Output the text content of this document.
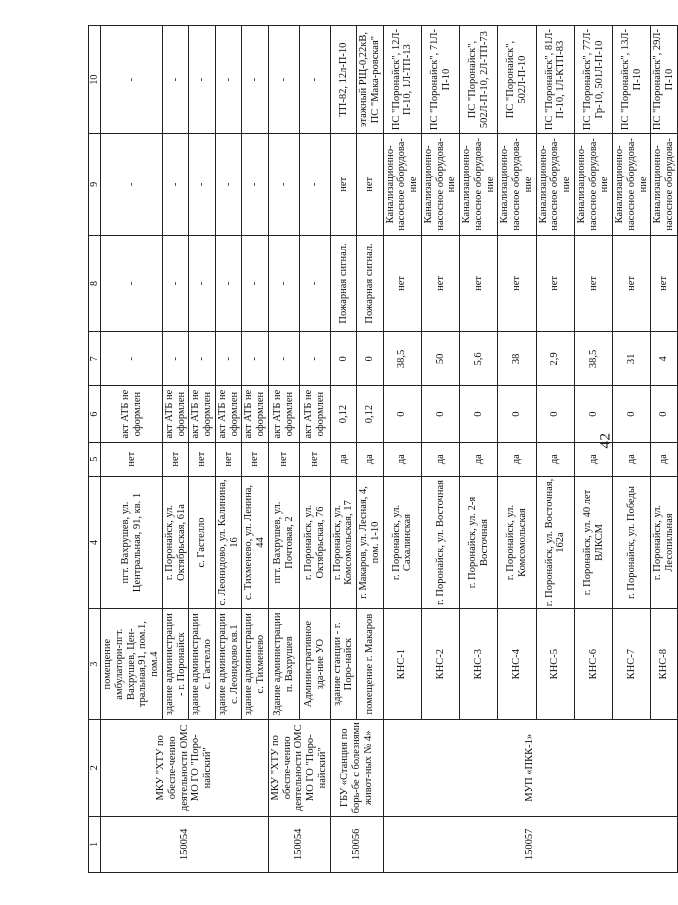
42
1	2	3	4	5	6	7	8	9	10
150054	МКУ "ХТУ по обеспе-чению деятельности ОМС МО ГО "Поро-найский"	помещение амбулатори-пгт. Вахрушев, Цен-тральная,91, пом.1, пом.4	пгт. Вахрушев, ул. Центральная, 91, кв. 1	нет	акт АТБ не оформлен	-	-	-	-
		здание администрации - г. Поронайск	г. Поронайск, ул. Октябрьская, 61а	нет	акт АТБ не оформлен	-	-	-	-
		здание администрации с. Гастелло	с. Гастелло	нет	акт АТБ не оформлен	-	-	-	-
		здание администрации с. Леонидово кв.1	с. Леонидово, ул. Калинина, 16	нет	акт АТБ не оформлен	-	-	-	-
		здание администрации с. Тихменево	с. Тихменево, ул. Ленина, 44	нет	акт АТБ не оформлен	-	-	-	-
150054	МКУ "ХТУ по обеспе-чению деятельности ОМС МО ГО "Поро-найский"	Здание администрации п. Вахрушев	пгт. Вахрушев, ул. Почтовая, 2	нет	акт АТБ не оформлен	-	-	-	-
		Административное зда-ние УО	г. Поронайск, ул. Октябрьская, 76	нет	акт АТБ не оформлен	-	-	-	-
150056	ГБУ «Станция по борь-бе с болезнями живот-ных № 4»	здание станции - г. Поро-найск	г. Поронайск, ул. Комсомольская, 17	да	0,12	0	Пожарная сигнал.	нет	ТП-82, 12л-П-10
		помещение г. Макаров	г. Макаров, ул. Лесная, 4, пом. 1-10	да	0,12	0	Пожарная сигнал.	нет	этажный РЩ-0,22кВ, ПС "Мака-ровская"
150057	МУП «ПКК-1»	КНС-1	г. Поронайск, ул. Сахалинская	да	0	38,5	нет	Канализационно-насосное оборудова-ние	ПС "Поронайск", 12Л-П-10, 1Л-ТП-13
		КНС-2	г. Поронайск, ул. Восточная	да	0	50	нет	Канализационно-насосное оборудова-ние	ПС "Поронайск", 71Л-П-10
		КНС-3	г. Поронайск, ул. 2-я Восточная	да	0	5,6	нет	Канализационно-насосное оборудова-ние	ПС "Поронайск", 502Л-П-10, 2Л-ТП-73
		КНС-4	г. Поронайск, ул. Комсомольская	да	0	38	нет	Канализационно-насосное оборудова-ние	ПС "Поронайск", 502Л-П-10
		КНС-5	г. Поронайск, ул. Восточная, 162а	да	0	2,9	нет	Канализационно-насосное оборудова-ние	ПС "Поронайск", 81Л-П-10, 1Л-КТП-83
		КНС-6	г. Поронайск, ул. 40 лет ВЛКСМ	да	0	38,5	нет	Канализационно-насосное оборудова-ние	ПС "Поронайск", 77Л-Гр-10, 501Л-П-10
		КНС-7	г. Поронайск, ул. Победы	да	0	31	нет	Канализационно-насосное оборудова-ние	ПС "Поронайск", 13Л-П-10
		КНС-8	г. Поронайск, ул. Лесопильная	да	0	4	нет	Канализационно-насосное оборудова-	ПС "Поронайск", 29Л-П-10
